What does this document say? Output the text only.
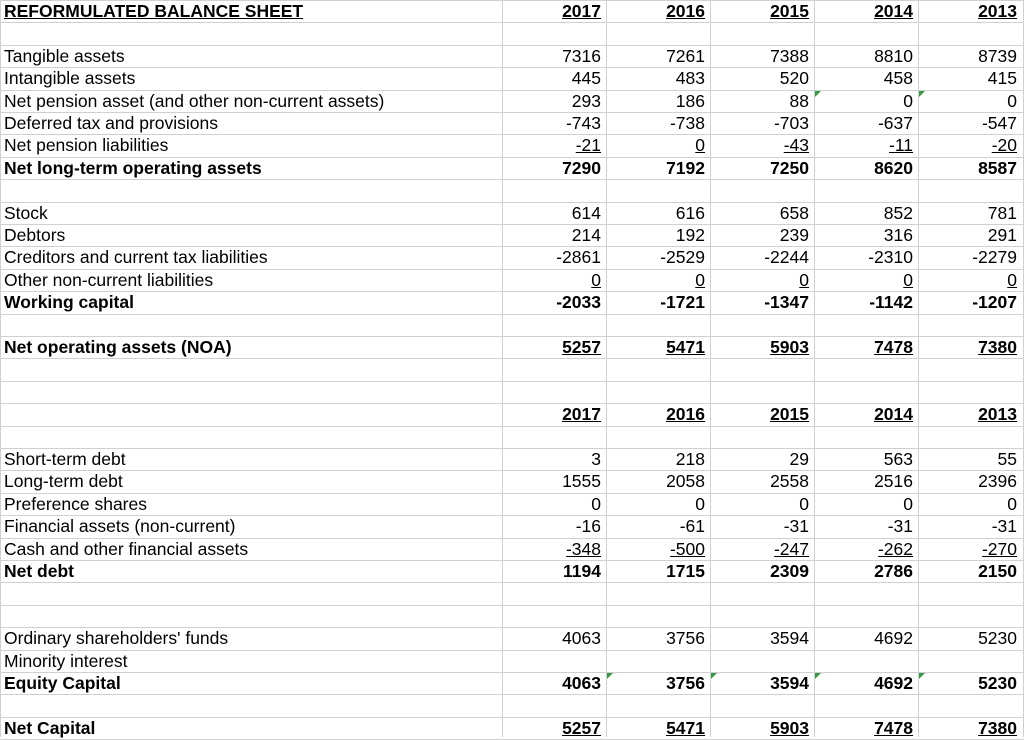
REFORMULATED BALANCE SHEET	2017	2016	2015	2014	2013
Tangible assets	7316	7261	7388	8810	8739
Intangible assets	445	483	520	458	415
Net pension asset (and other non-current assets)	293	186	88	0	0
Deferred tax and provisions	-743	-738	-703	-637	-547
Net pension liabilities	-21	0	-43	-11	-20
Net long-term operating assets	7290	7192	7250	8620	8587
Stock	614	616	658	852	781
Debtors	214	192	239	316	291
Creditors and current tax liabilities	-2861	-2529	-2244	-2310	-2279
Other non-current liabilities	0	0	0	0	0
Working capital	-2033	-1721	-1347	-1142	-1207
Net operating assets (NOA)	5257	5471	5903	7478	7380
2017	2016	2015	2014	2013
Short-term debt	3	218	29	563	55
Long-term debt	1555	2058	2558	2516	2396
Preference shares	0	0	0	0	0
Financial assets (non-current)	-16	-61	-31	-31	-31
Cash and other financial assets	-348	-500	-247	-262	-270
Net debt	1194	1715	2309	2786	2150
Ordinary shareholders' funds	4063	3756	3594	4692	5230
Minority interest
Equity Capital	4063	3756	3594	4692	5230
Net Capital	5257	5471	5903	7478	7380
